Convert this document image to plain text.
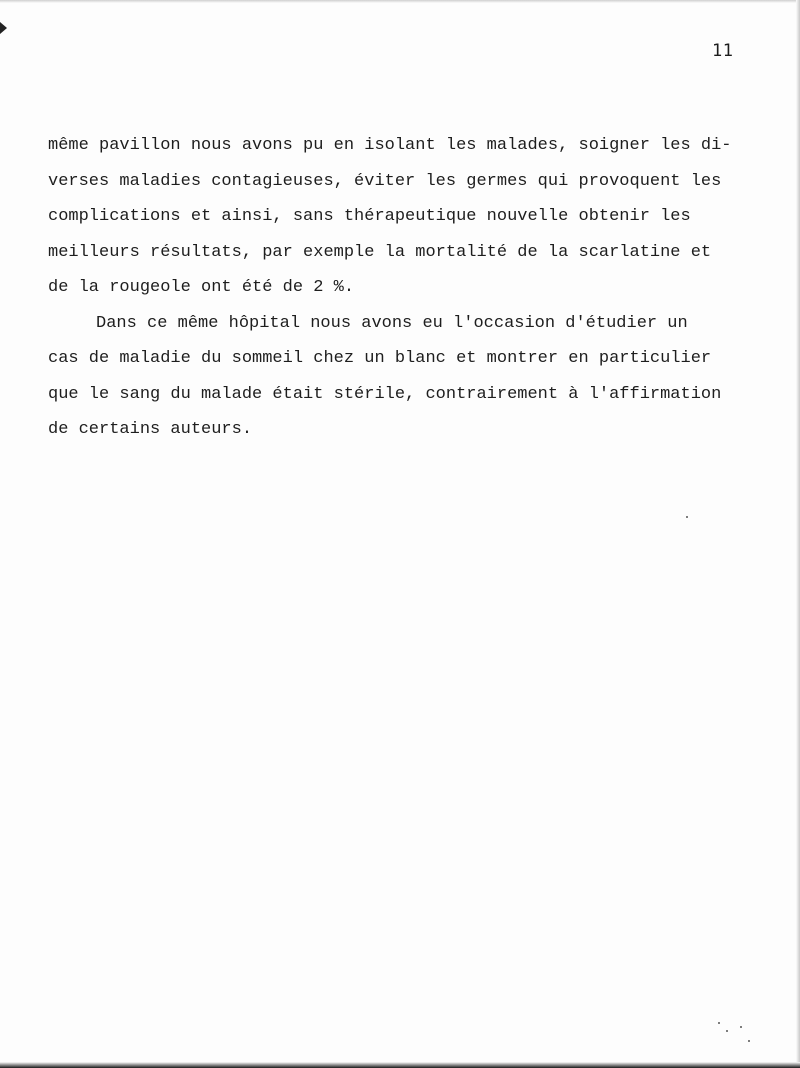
11
même pavillon nous avons pu en isolant les malades, soigner les di-
verses maladies contagieuses, éviter les germes qui provoquent les
complications et ainsi, sans thérapeutique nouvelle obtenir les
meilleurs résultats, par exemple la mortalité de la scarlatine et
de la rougeole ont été de 2 %.
Dans ce même hôpital nous avons eu l'occasion d'étudier un
cas de maladie du sommeil chez un blanc et montrer en particulier
que le sang du malade était stérile, contrairement à l'affirmation
de certains auteurs.
